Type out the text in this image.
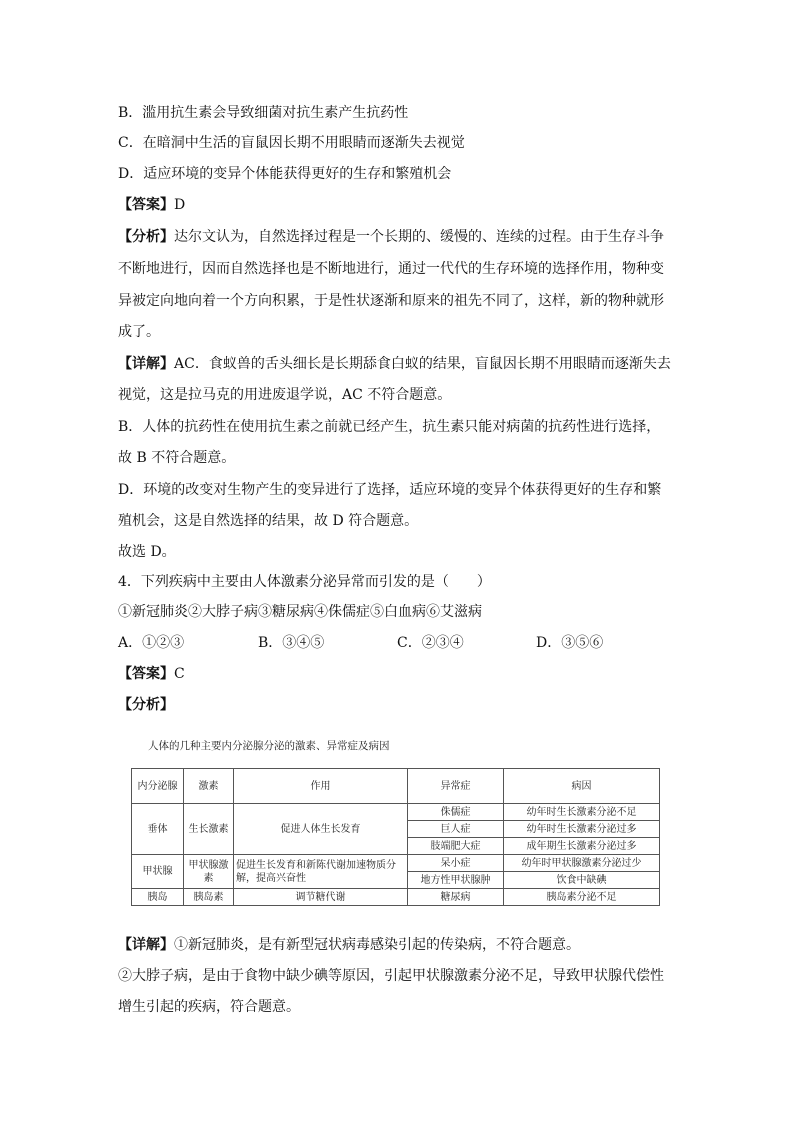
B．滥用抗生素会导致细菌对抗生素产生抗药性
C．在暗洞中生活的盲鼠因长期不用眼睛而逐渐失去视觉
D．适应环境的变异个体能获得更好的生存和繁殖机会
【答案】D
【分析】达尔文认为，自然选择过程是一个长期的、缓慢的、连续的过程。由于生存斗争
不断地进行，因而自然选择也是不断地进行，通过一代代的生存环境的选择作用，物种变
异被定向地向着一个方向积累，于是性状逐渐和原来的祖先不同了，这样，新的物种就形
成了。
【详解】AC．食蚁兽的舌头细长是长期舔食白蚁的结果，盲鼠因长期不用眼睛而逐渐失去
视觉，这是拉马克的用进废退学说，AC 不符合题意。
B．人体的抗药性在使用抗生素之前就已经产生，抗生素只能对病菌的抗药性进行选择，
故 B 不符合题意。
D．环境的改变对生物产生的变异进行了选择，适应环境的变异个体获得更好的生存和繁
殖机会，这是自然选择的结果，故 D 符合题意。
故选 D。
4．下列疾病中主要由人体激素分泌异常而引发的是（　　）
①新冠肺炎②大脖子病③糖尿病④侏儒症⑤白血病⑥艾滋病
A．①②③	B．③④⑤	C．②③④	D．③⑤⑥
【答案】C
【分析】
人体的几种主要内分泌腺分泌的激素、异常症及病因
内分泌腺	激素	作用	异常症	病因
垂体	生长激素	促进人体生长发育	侏儒症	幼年时生长激素分泌不足
			巨人症	幼年时生长激素分泌过多
			肢端肥大症	成年期生长激素分泌过多
甲状腺	甲状腺激素	促进生长发育和新陈代谢加速物质分解，提高兴奋性	呆小症	幼年时甲状腺激素分泌过少
			地方性甲状腺肿	饮食中缺碘
胰岛	胰岛素	调节糖代谢	糖尿病	胰岛素分泌不足
【详解】①新冠肺炎，是有新型冠状病毒感染引起的传染病，不符合题意。
②大脖子病，是由于食物中缺少碘等原因，引起甲状腺激素分泌不足，导致甲状腺代偿性
增生引起的疾病，符合题意。
